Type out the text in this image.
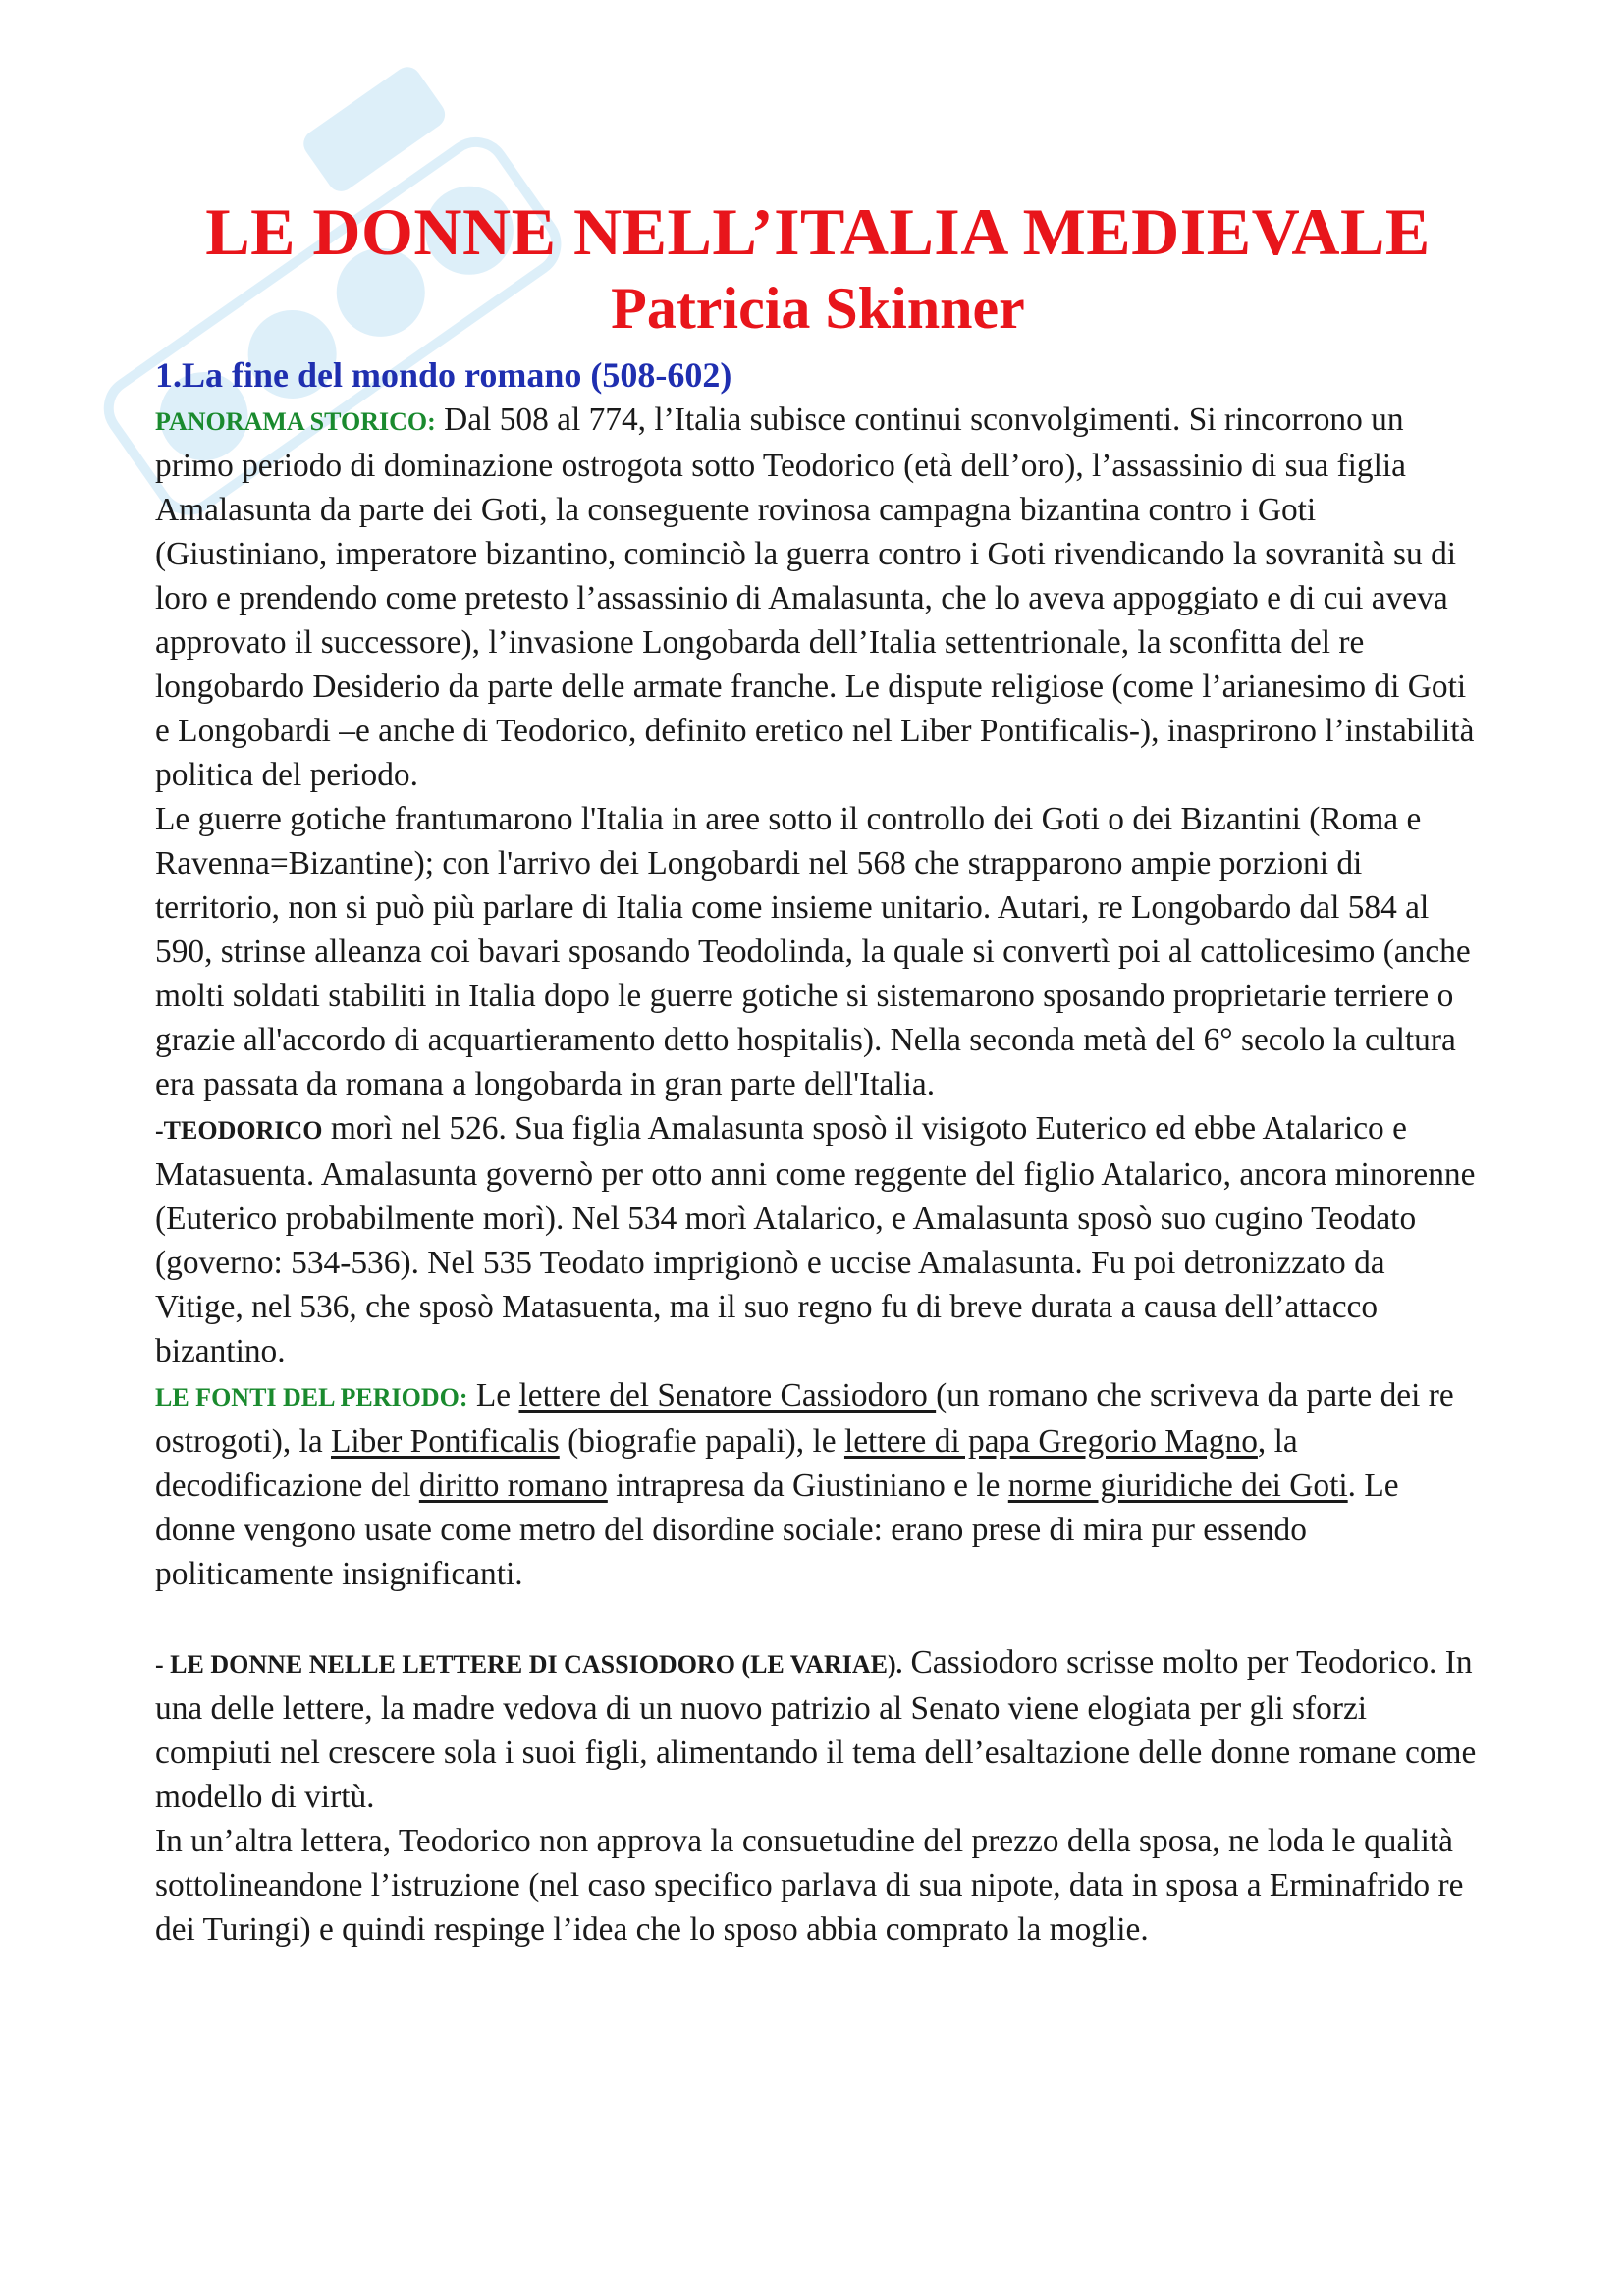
LE DONNE NELL’ITALIA MEDIEVALE
Patricia Skinner
1.La fine del mondo romano (508-602)

PANORAMA STORICO: Dal 508 al 774, l’Italia subisce continui sconvolgimenti. Si rincorrono un primo periodo di dominazione ostrogota sotto Teodorico (età dell’oro), l’assassinio di sua figlia Amalasunta da parte dei Goti, la conseguente rovinosa campagna bizantina contro i Goti (Giustiniano, imperatore bizantino, cominciò la guerra contro i Goti rivendicando la sovranità su di loro e prendendo come pretesto l’assassinio di Amalasunta, che lo aveva appoggiato e di cui aveva approvato il successore), l’invasione Longobarda dell’Italia settentrionale, la sconfitta del re longobardo Desiderio da parte delle armate franche. Le dispute religiose (come l’arianesimo di Goti e Longobardi –e anche di Teodorico, definito eretico nel Liber Pontificalis-), inasprirono l’instabilità politica del periodo.

Le guerre gotiche frantumarono l'Italia in aree sotto il controllo dei Goti o dei Bizantini (Roma e Ravenna=Bizantine); con l'arrivo dei Longobardi nel 568 che strapparono ampie porzioni di territorio, non si può più parlare di Italia come insieme unitario. Autari, re Longobardo dal 584 al 590, strinse alleanza coi bavari sposando Teodolinda, la quale si convertì poi al cattolicesimo (anche molti soldati stabiliti in Italia dopo le guerre gotiche si sistemarono sposando proprietarie terriere o grazie all'accordo di acquartieramento detto hospitalis). Nella seconda metà del 6° secolo la cultura era passata da romana a longobarda in gran parte dell'Italia.

-TEODORICO morì nel 526. Sua figlia Amalasunta sposò il visigoto Euterico ed ebbe Atalarico e Matasuenta. Amalasunta governò per otto anni come reggente del figlio Atalarico, ancora minorenne (Euterico probabilmente morì). Nel 534 morì Atalarico, e Amalasunta sposò suo cugino Teodato (governo: 534-536). Nel 535 Teodato imprigionò e uccise Amalasunta. Fu poi detronizzato da Vitige, nel 536, che sposò Matasuenta, ma il suo regno fu di breve durata a causa dell’attacco bizantino.

LE FONTI DEL PERIODO: Le lettere del Senatore Cassiodoro (un romano che scriveva da parte dei re ostrogoti), la Liber Pontificalis (biografie papali), le lettere di papa Gregorio Magno, la decodificazione del diritto romano intrapresa da Giustiniano e le norme giuridiche dei Goti. Le donne vengono usate come metro del disordine sociale: erano prese di mira pur essendo politicamente insignificanti.

- LE DONNE NELLE LETTERE DI CASSIODORO (LE VARIAE). Cassiodoro scrisse molto per Teodorico. In una delle lettere, la madre vedova di un nuovo patrizio al Senato viene elogiata per gli sforzi compiuti nel crescere sola i suoi figli, alimentando il tema dell’esaltazione delle donne romane come modello di virtù.

In un’altra lettera, Teodorico non approva la consuetudine del prezzo della sposa, ne loda le qualità sottolineandone l’istruzione (nel caso specifico parlava di sua nipote, data in sposa a Erminafrido re dei Turingi) e quindi respinge l’idea che lo sposo abbia comprato la moglie.
